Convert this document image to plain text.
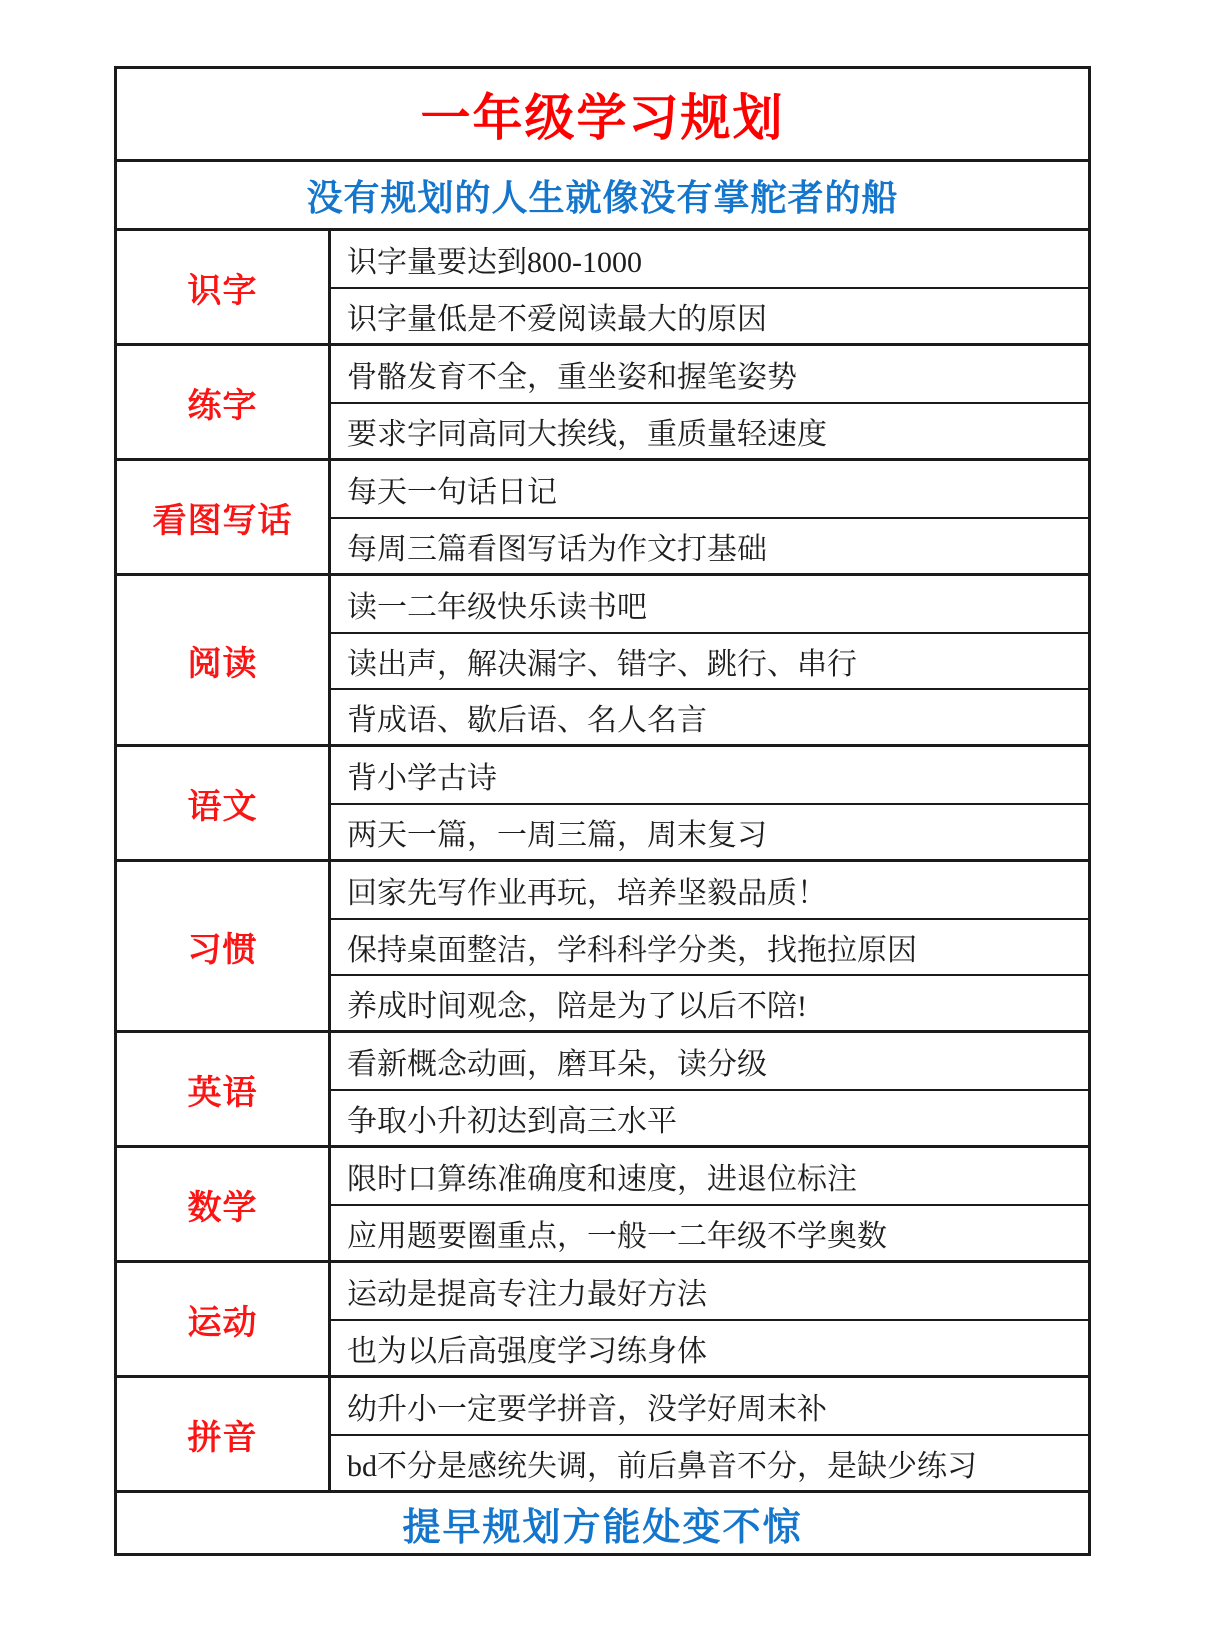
一年级学习规划
没有规划的人生就像没有掌舵者的船
识字
识字量要达到800-1000
识字量低是不爱阅读最大的原因
练字
骨骼发育不全，重坐姿和握笔姿势
要求字同高同大挨线，重质量轻速度
看图写话
每天一句话日记
每周三篇看图写话为作文打基础
阅读
读一二年级快乐读书吧
读出声，解决漏字、错字、跳行、串行
背成语、歇后语、名人名言
语文
背小学古诗
两天一篇，一周三篇，周末复习
习惯
回家先写作业再玩，培养坚毅品质！
保持桌面整洁，学科科学分类，找拖拉原因
养成时间观念，陪是为了以后不陪!
英语
看新概念动画，磨耳朵，读分级
争取小升初达到高三水平
数学
限时口算练准确度和速度，进退位标注
应用题要圈重点，一般一二年级不学奥数
运动
运动是提高专注力最好方法
也为以后高强度学习练身体
拼音
幼升小一定要学拼音，没学好周末补
bd不分是感统失调，前后鼻音不分，是缺少练习
提早规划方能处变不惊
